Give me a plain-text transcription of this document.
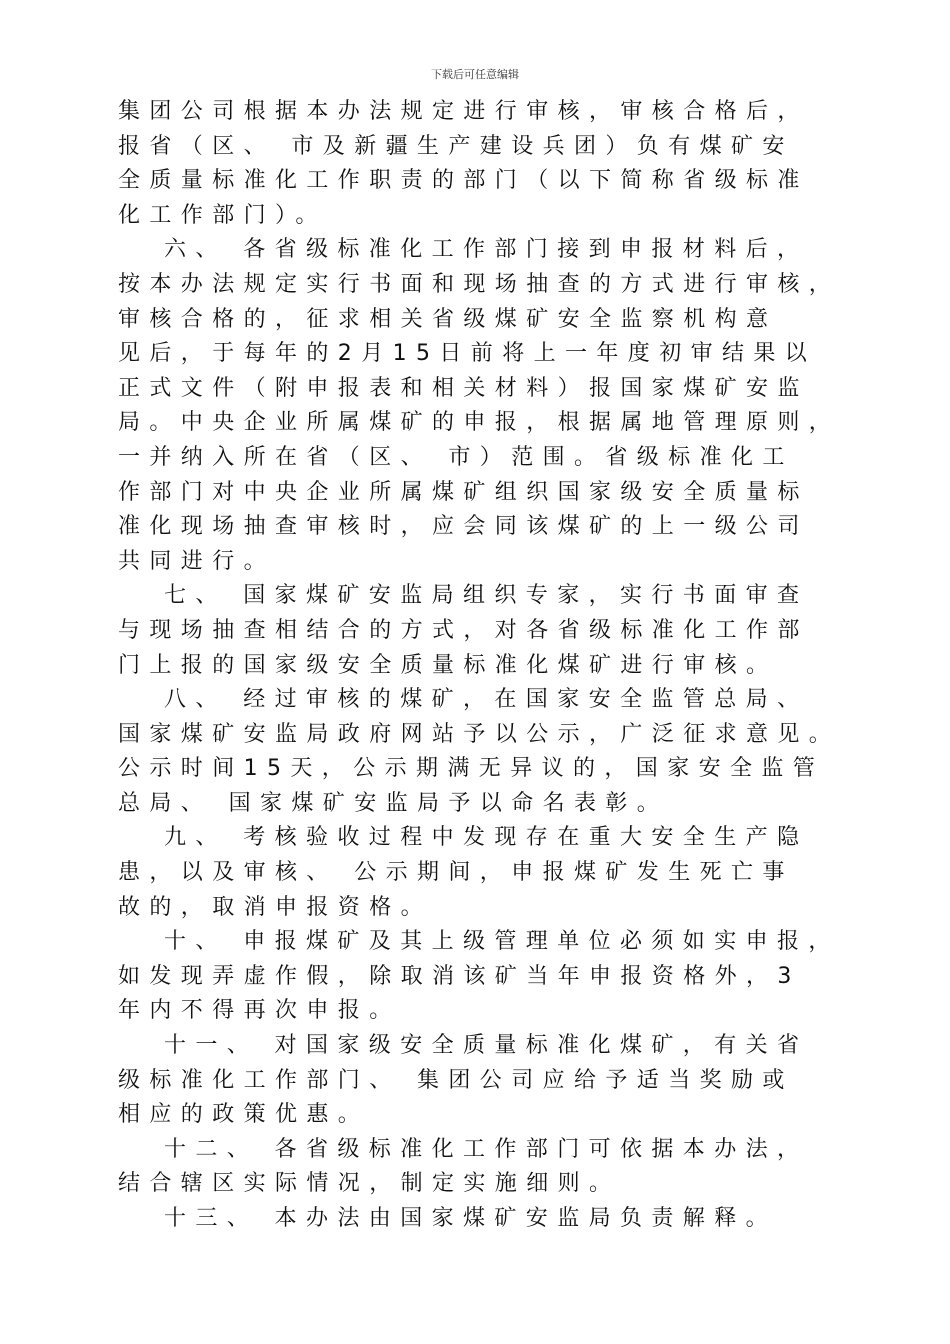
下载后可任意编辑
集团公司根据本办法规定进行审核，审核合格后，
报省（区、 市及新疆生产建设兵团）负有煤矿安
全质量标准化工作职责的部门（以下简称省级标准
化工作部门）。
六、 各省级标准化工作部门接到申报材料后，
按本办法规定实行书面和现场抽查的方式进行审核，
审核合格的，征求相关省级煤矿安全监察机构意
见后，于每年的2月15日前将上一年度初审结果以
正式文件（附申报表和相关材料）报国家煤矿安监
局。中央企业所属煤矿的申报，根据属地管理原则，
一并纳入所在省（区、 市）范围。省级标准化工
作部门对中央企业所属煤矿组织国家级安全质量标
准化现场抽查审核时，应会同该煤矿的上一级公司
共同进行。
七、 国家煤矿安监局组织专家，实行书面审查
与现场抽查相结合的方式，对各省级标准化工作部
门上报的国家级安全质量标准化煤矿进行审核。
八、 经过审核的煤矿，在国家安全监管总局、
国家煤矿安监局政府网站予以公示，广泛征求意见。
公示时间15天，公示期满无异议的，国家安全监管
总局、 国家煤矿安监局予以命名表彰。
九、 考核验收过程中发现存在重大安全生产隐
患，以及审核、 公示期间，申报煤矿发生死亡事
故的，取消申报资格。
十、 申报煤矿及其上级管理单位必须如实申报，
如发现弄虚作假，除取消该矿当年申报资格外，3
年内不得再次申报。
十一、 对国家级安全质量标准化煤矿，有关省
级标准化工作部门、 集团公司应给予适当奖励或
相应的政策优惠。
十二、 各省级标准化工作部门可依据本办法，
结合辖区实际情况，制定实施细则。
十三、 本办法由国家煤矿安监局负责解释。
